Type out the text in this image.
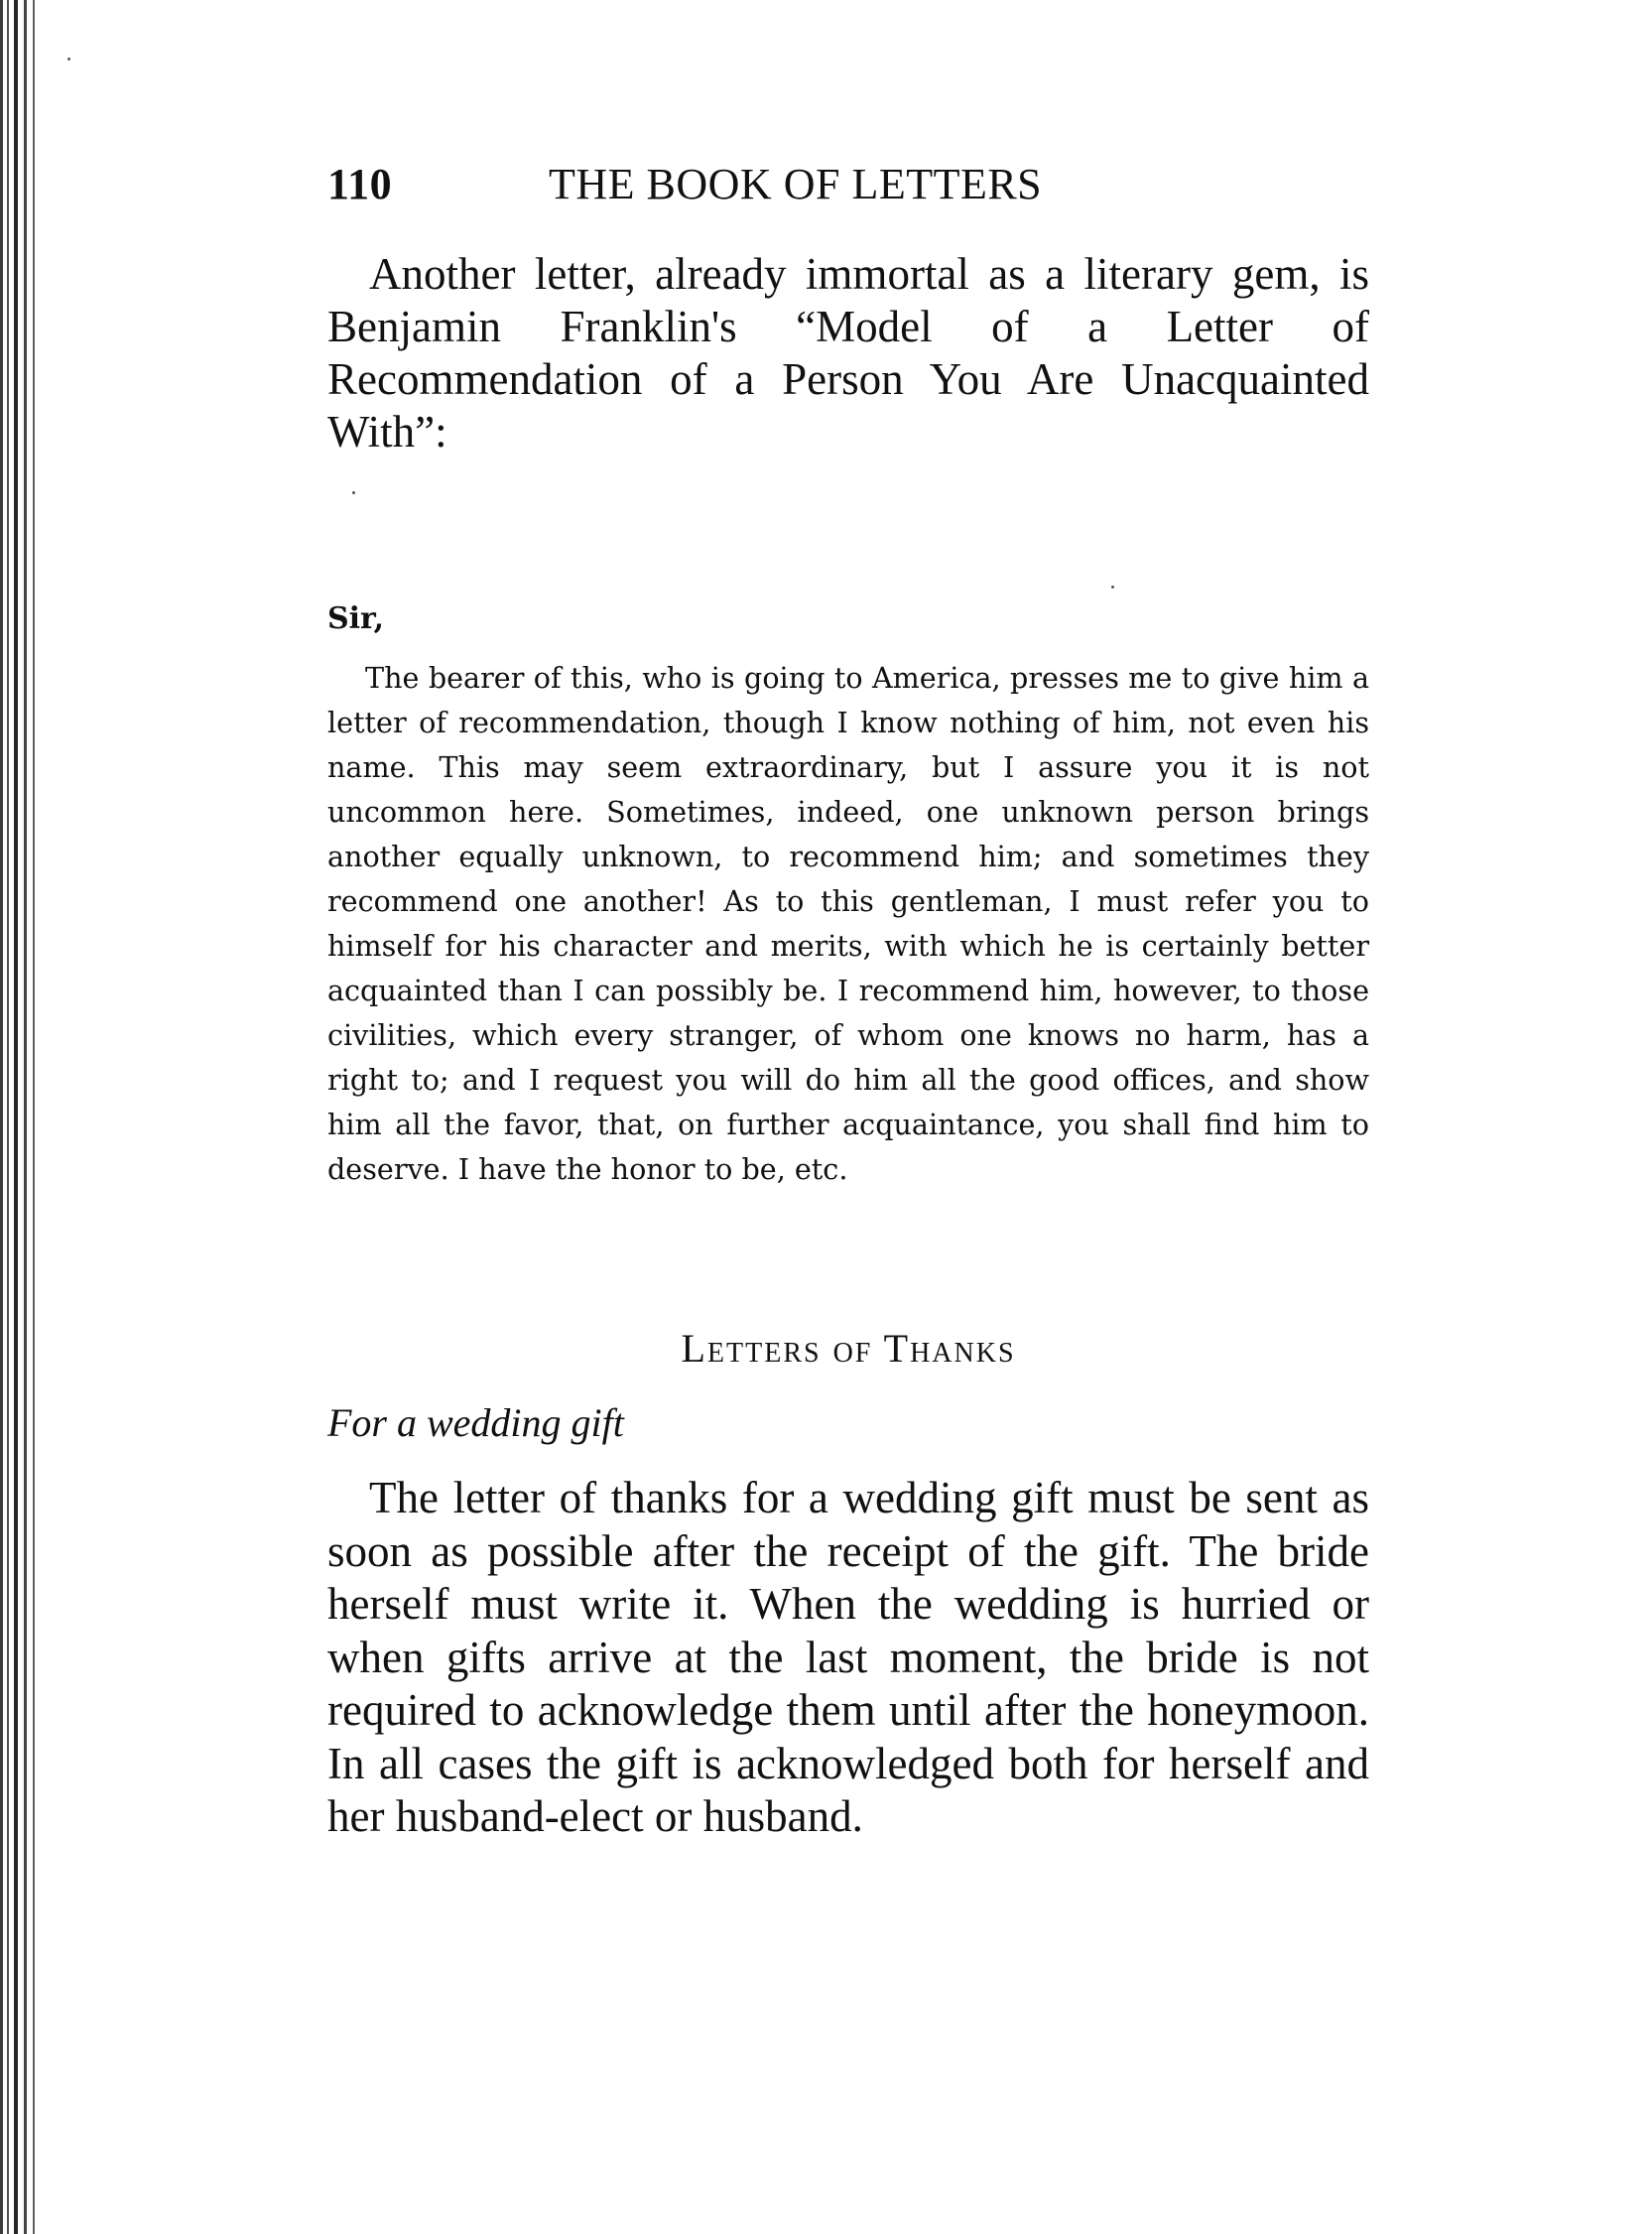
110	THE BOOK OF LETTERS

Another letter, already immortal as a literary gem, is Benjamin Franklin's “Model of a Letter of Recommendation of a Person You Are Unacquainted With”:

Sir,

The bearer of this, who is going to America, presses me to give him a letter of recommendation, though I know nothing of him, not even his name. This may seem extraordinary, but I assure you it is not uncommon here. Sometimes, indeed, one unknown person brings another equally unknown, to recommend him; and sometimes they recommend one another! As to this gentleman, I must refer you to himself for his character and merits, with which he is certainly better acquainted than I can possibly be. I recommend him, however, to those civilities, which every stranger, of whom one knows no harm, has a right to; and I request you will do him all the good offices, and show him all the favor, that, on further acquaintance, you shall find him to deserve. I have the honor to be, etc.

Letters of Thanks
For a wedding gift

The letter of thanks for a wedding gift must be sent as soon as possible after the receipt of the gift. The bride herself must write it. When the wedding is hurried or when gifts arrive at the last moment, the bride is not required to acknowledge them until after the honeymoon. In all cases the gift is acknowledged both for herself and her husband-elect or husband.
